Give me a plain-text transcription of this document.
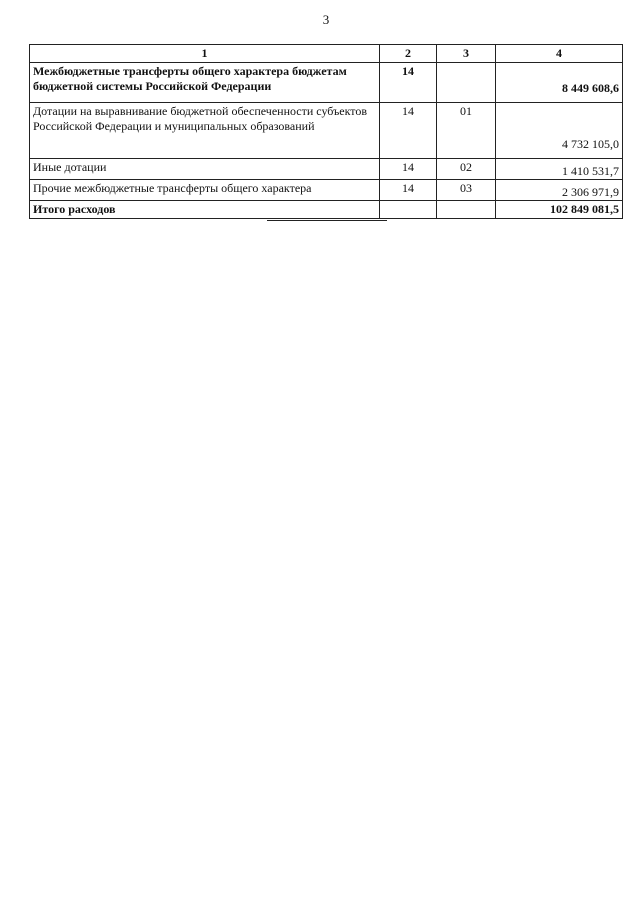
3
1	2	3	4
Межбюджетные трансферты общего характера бюджетам бюджетной системы Российской Федерации	14		8 449 608,6
Дотации на выравнивание бюджетной обеспеченности субъектов Российской Федерации и муниципальных образований	14	01	4 732 105,0
Иные дотации	14	02	1 410 531,7
Прочие межбюджетные трансферты общего характера	14	03	2 306 971,9
Итого расходов			102 849 081,5
